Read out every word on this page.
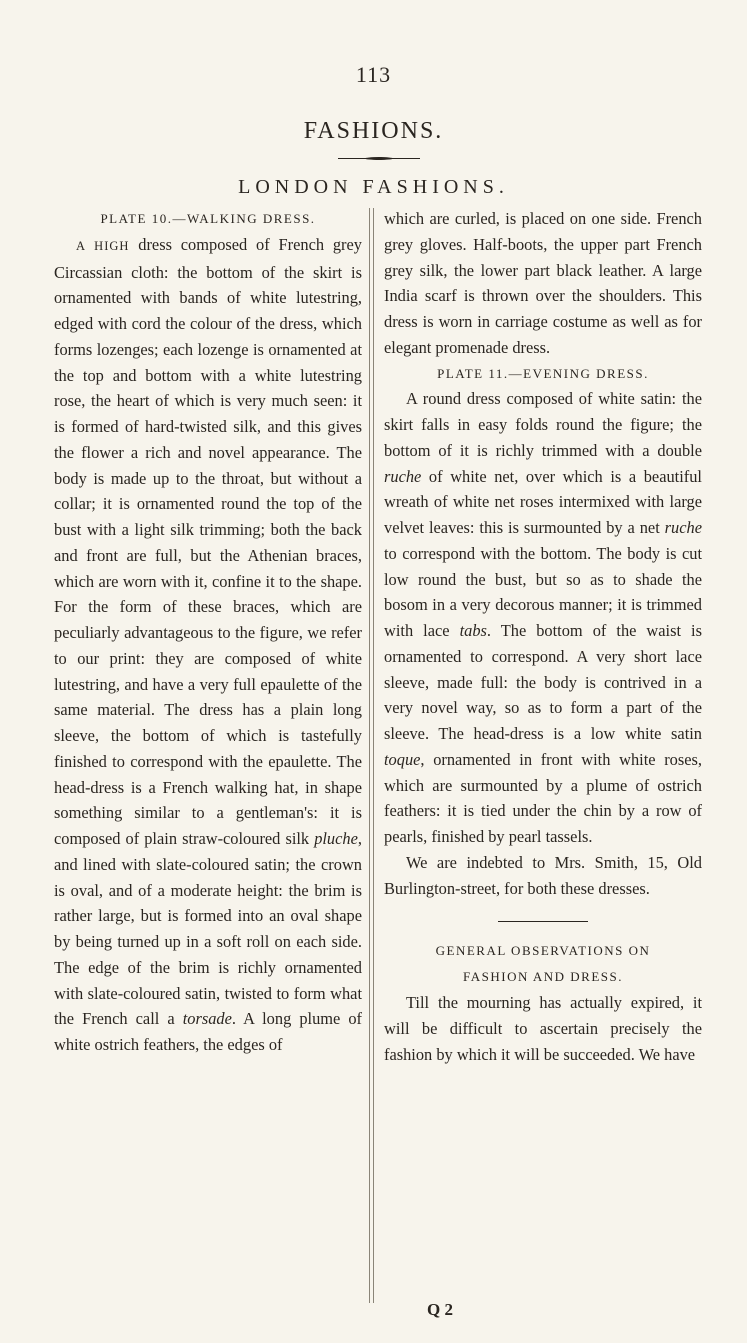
113
FASHIONS.
LONDON FASHIONS.
PLATE 10.—WALKING DRESS.

A HIGH dress composed of French grey Circassian cloth: the bottom of the skirt is ornamented with bands of white lutestring, edged with cord the colour of the dress, which forms lozenges; each lozenge is ornamented at the top and bottom with a white lutestring rose, the heart of which is very much seen: it is formed of hard-twisted silk, and this gives the flower a rich and novel appearance. The body is made up to the throat, but without a collar; it is ornamented round the top of the bust with a light silk trimming; both the back and front are full, but the Athenian braces, which are worn with it, confine it to the shape. For the form of these braces, which are peculiarly advantageous to the figure, we refer to our print: they are composed of white lutestring, and have a very full epaulette of the same material. The dress has a plain long sleeve, the bottom of which is tastefully finished to correspond with the epaulette. The head-dress is a French walking hat, in shape something similar to a gentleman's: it is composed of plain straw-coloured silk pluche, and lined with slate-coloured satin; the crown is oval, and of a moderate height: the brim is rather large, but is formed into an oval shape by being turned up in a soft roll on each side. The edge of the brim is richly ornamented with slate-coloured satin, twisted to form what the French call a torsade. A long plume of white ostrich feathers, the edges of

which are curled, is placed on one side. French grey gloves. Half-boots, the upper part French grey silk, the lower part black leather. A large India scarf is thrown over the shoulders. This dress is worn in carriage costume as well as for elegant promenade dress.

PLATE 11.—EVENING DRESS.

A round dress composed of white satin: the skirt falls in easy folds round the figure; the bottom of it is richly trimmed with a double ruche of white net, over which is a beautiful wreath of white net roses intermixed with large velvet leaves: this is surmounted by a net ruche to correspond with the bottom. The body is cut low round the bust, but so as to shade the bosom in a very decorous manner; it is trimmed with lace tabs. The bottom of the waist is ornamented to correspond. A very short lace sleeve, made full: the body is contrived in a very novel way, so as to form a part of the sleeve. The head-dress is a low white satin toque, ornamented in front with white roses, which are surmounted by a plume of ostrich feathers: it is tied under the chin by a row of pearls, finished by pearl tassels.

We are indebted to Mrs. Smith, 15, Old Burlington-street, for both these dresses.

GENERAL OBSERVATIONS ON
FASHION AND DRESS.

Till the mourning has actually expired, it will be difficult to ascertain precisely the fashion by which it will be succeeded. We have

Q 2
